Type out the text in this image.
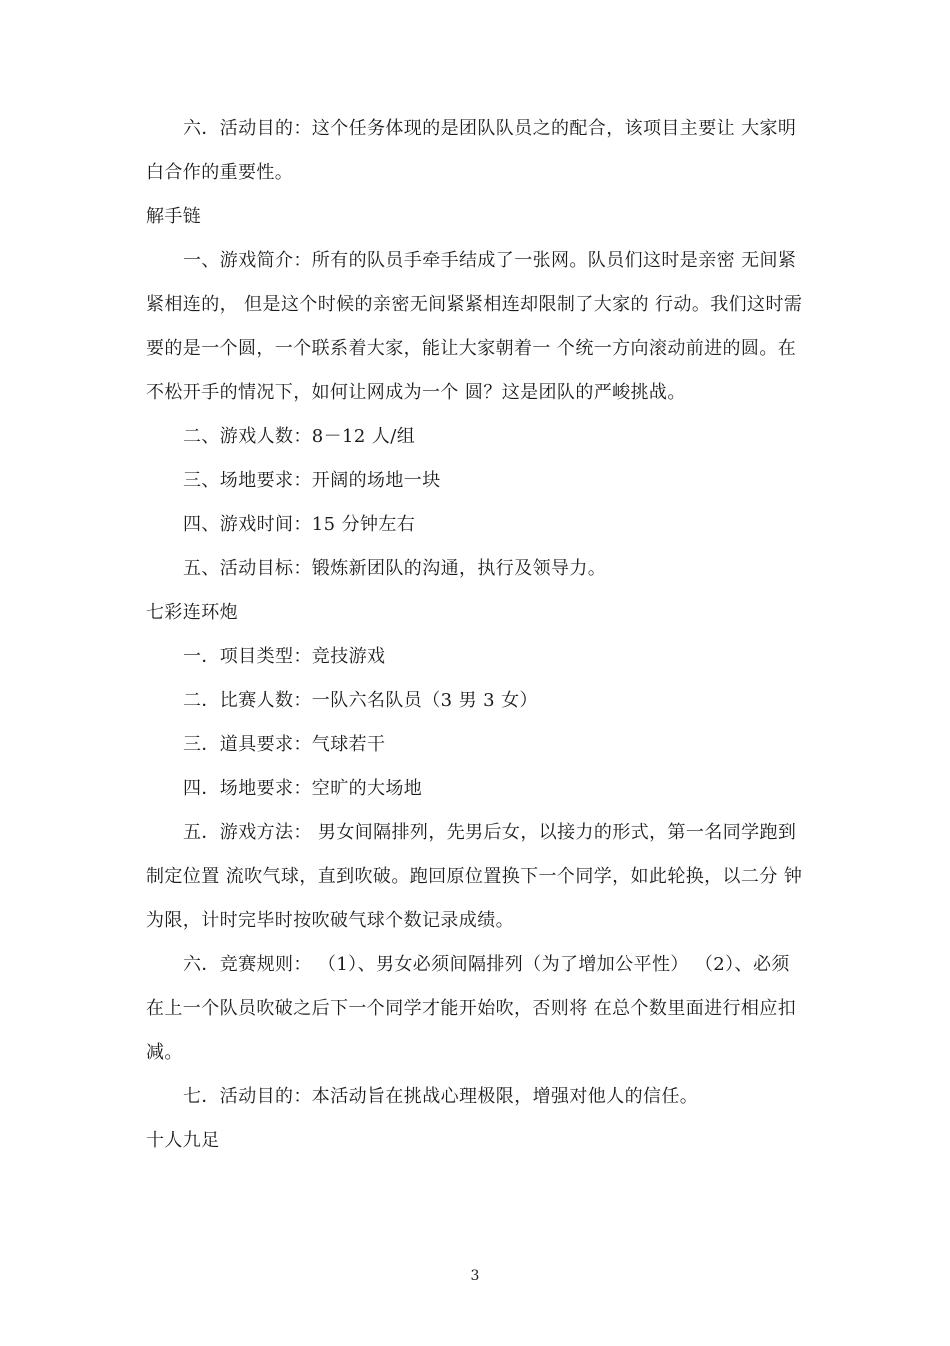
六．活动目的：这个任务体现的是团队队员之的配合，该项目主要让 大家明白合作的重要性。

解手链

一、游戏简介：所有的队员手牵手结成了一张网。队员们这时是亲密 无间紧紧相连的， 但是这个时候的亲密无间紧紧相连却限制了大家的 行动。我们这时需要的是一个圆，一个联系着大家，能让大家朝着一 个统一方向滚动前进的圆。在不松开手的情况下，如何让网成为一个 圆？这是团队的严峻挑战。

二、游戏人数：8－12 人/组

三、场地要求：开阔的场地一块

四、游戏时间：15 分钟左右

五、活动目标：锻炼新团队的沟通，执行及领导力。

七彩连环炮

一．项目类型：竞技游戏

二．比赛人数：一队六名队员（3 男 3 女）

三．道具要求：气球若干

四．场地要求：空旷的大场地

五．游戏方法： 男女间隔排列，先男后女，以接力的形式，第一名同学跑到制定位置 流吹气球，直到吹破。跑回原位置换下一个同学，如此轮换，以二分 钟为限，计时完毕时按吹破气球个数记录成绩。

六．竞赛规则： （1）、男女必须间隔排列（为了增加公平性） （2）、必须在上一个队员吹破之后下一个同学才能开始吹，否则将 在总个数里面进行相应扣减。

七．活动目的：本活动旨在挑战心理极限，增强对他人的信任。

十人九足

3
